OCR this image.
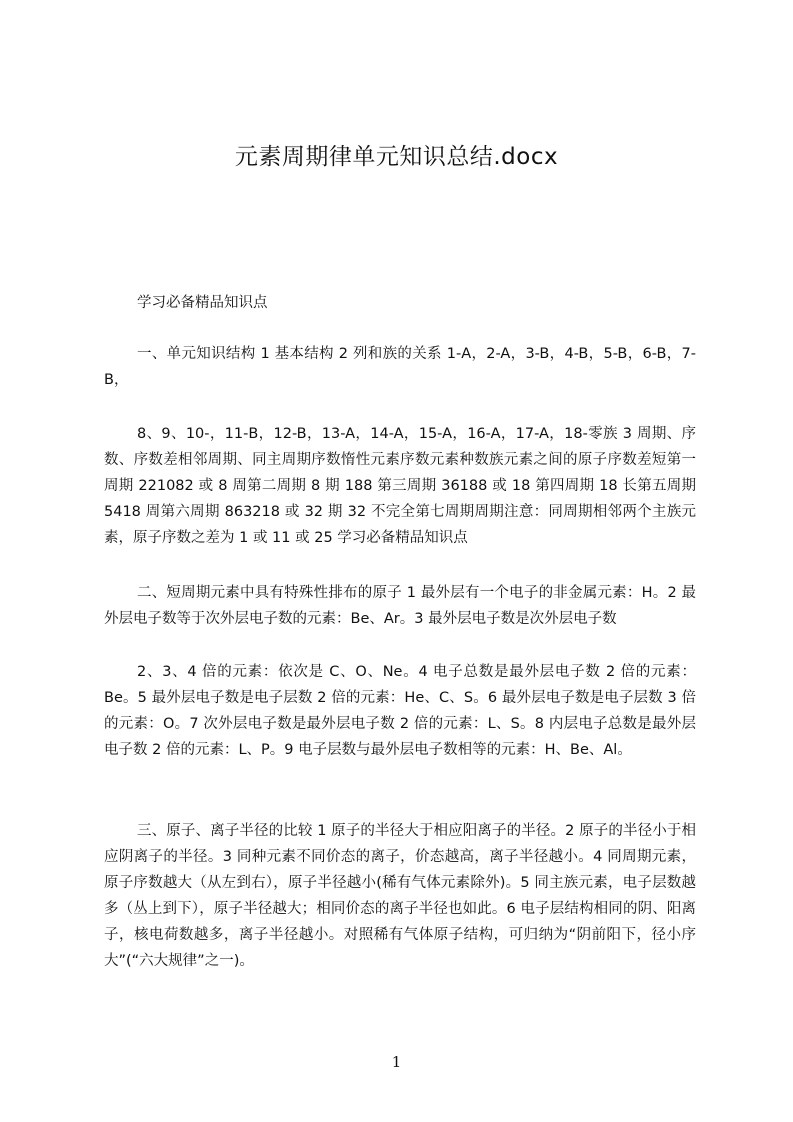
元素周期律单元知识总结.docx

学习必备精品知识点

一、单元知识结构 1 基本结构 2 列和族的关系 1-A，2-A，3-B，4-B，5-B，6-B，7-B，

8、9、10-，11-B，12-B，13-A，14-A，15-A，16-A，17-A，18-零族 3 周期、序数、序数差相邻周期、同主周期序数惰性元素序数元素种数族元素之间的原子序数差短第一周期 221082 或 8 周第二周期 8 期 188 第三周期 36188 或 18 第四周期 18 长第五周期 5418 周第六周期 863218 或 32 期 32 不完全第七周期周期注意：同周期相邻两个主族元素，原子序数之差为 1 或 11 或 25 学习必备精品知识点

二、短周期元素中具有特殊性排布的原子 1 最外层有一个电子的非金属元素：H。2 最外层电子数等于次外层电子数的元素：Be、Ar。3 最外层电子数是次外层电子数

2、3、4 倍的元素：依次是 C、O、Ne。4 电子总数是最外层电子数 2 倍的元素：Be。5 最外层电子数是电子层数 2 倍的元素：He、C、S。6 最外层电子数是电子层数 3 倍的元素：O。7 次外层电子数是最外层电子数 2 倍的元素：L、S。8 内层电子总数是最外层电子数 2 倍的元素：L、P。9 电子层数与最外层电子数相等的元素：H、Be、Al。

三、原子、离子半径的比较 1 原子的半径大于相应阳离子的半径。2 原子的半径小于相应阴离子的半径。3 同种元素不同价态的离子，价态越高，离子半径越小。4 同周期元素，原子序数越大（从左到右），原子半径越小(稀有气体元素除外)。5 同主族元素，电子层数越多（丛上到下），原子半径越大；相同价态的离子半径也如此。6 电子层结构相同的阴、阳离子，核电荷数越多，离子半径越小。对照稀有气体原子结构，可归纳为“阴前阳下，径小序大”(“六大规律”之一)。

1
